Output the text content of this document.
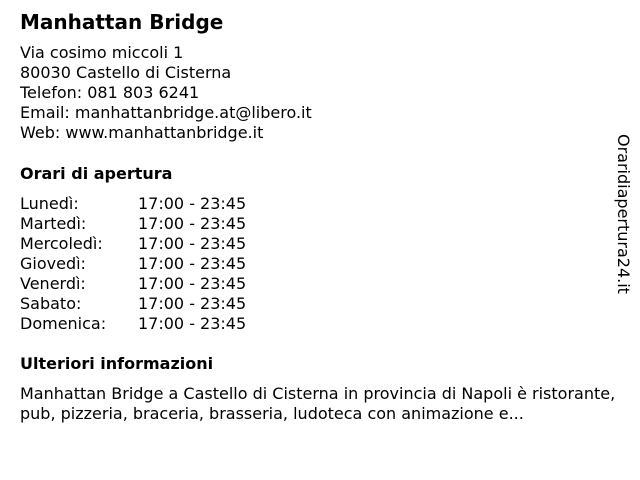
Manhattan Bridge
Via cosimo miccoli 1
80030 Castello di Cisterna
Telefon: 081 803 6241
Email: manhattanbridge.at@libero.it
Web: www.manhattanbridge.it
Orari di apertura
Lunedì:	17:00 - 23:45
Martedì:	17:00 - 23:45
Mercoledì:	17:00 - 23:45
Giovedì:	17:00 - 23:45
Venerdì:	17:00 - 23:45
Sabato:	17:00 - 23:45
Domenica:	17:00 - 23:45
Ulteriori informazioni
Manhattan Bridge a Castello di Cisterna in provincia di Napoli è ristorante, pub, pizzeria, braceria, brasseria, ludoteca con animazione e...
Oraridiapertura24.it
